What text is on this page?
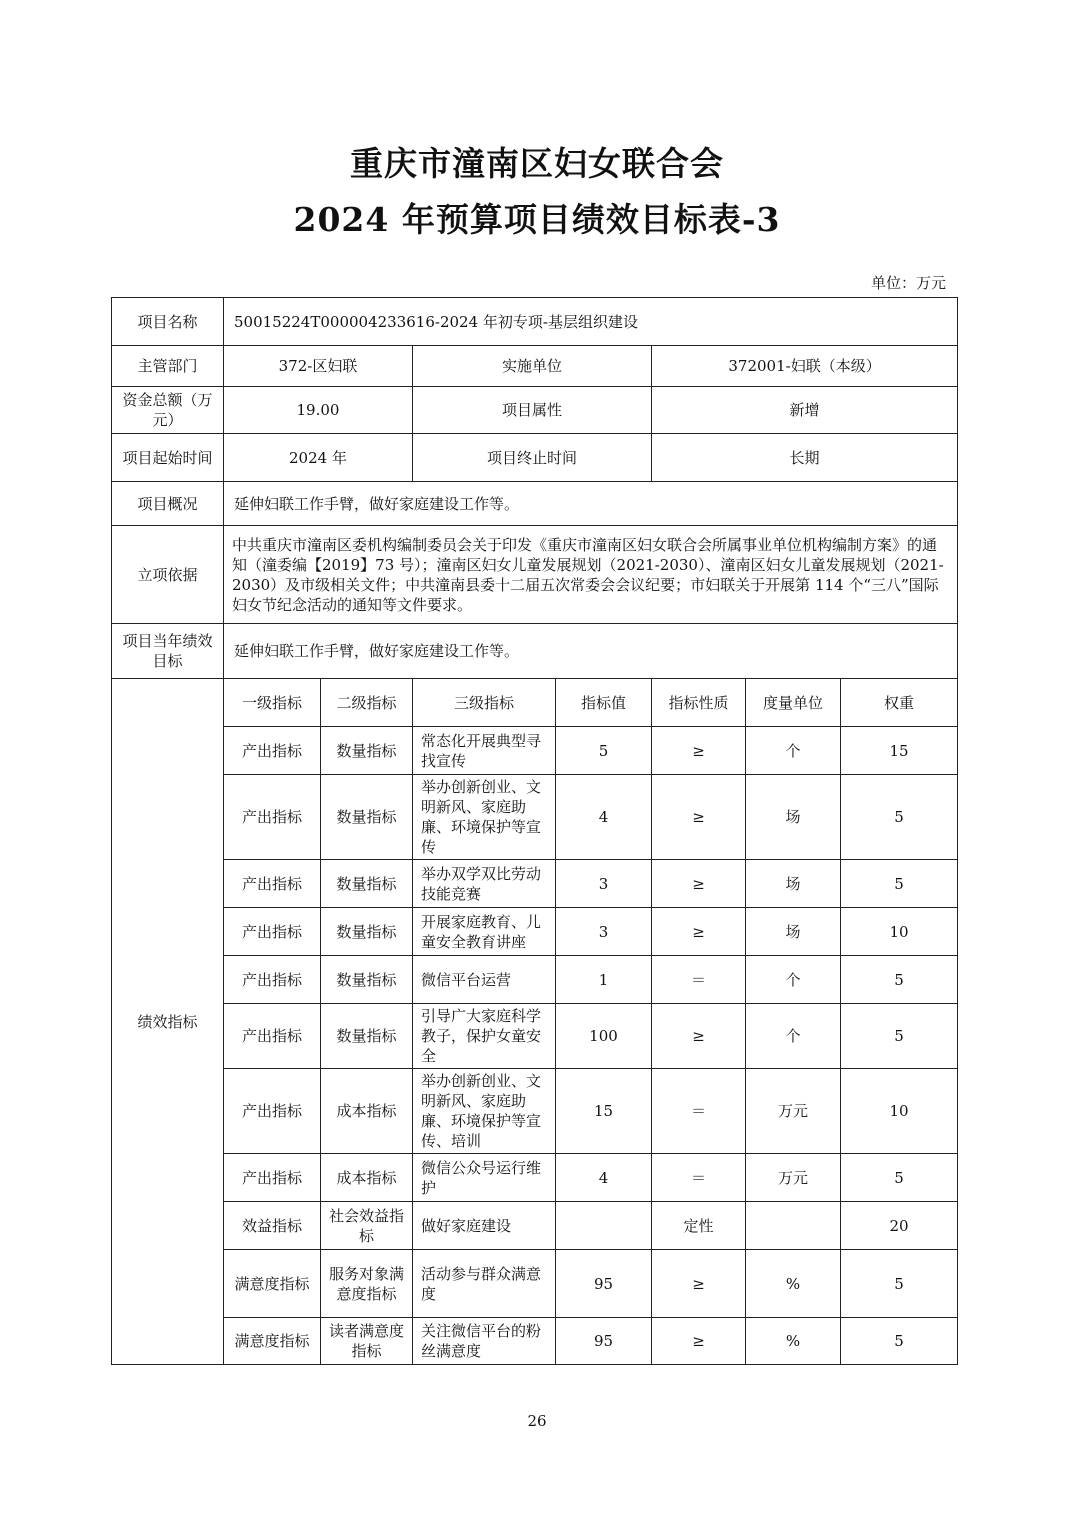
重庆市潼南区妇女联合会
2024 年预算项目绩效目标表-3
单位：万元
项目名称	50015224T000004233616-2024 年初专项-基层组织建设						
主管部门	372-区妇联		实施单位		372001-妇联（本级）		
资金总额（万元）	19.00		项目属性		新增		
项目起始时间	2024 年		项目终止时间		长期		
项目概况	延伸妇联工作手臂，做好家庭建设工作等。						
立项依据	中共重庆市潼南区委机构编制委员会关于印发《重庆市潼南区妇女联合会所属事业单位机构编制方案》的通知（潼委编【2019】73 号）；潼南区妇女儿童发展规划（2021-2030）、潼南区妇女儿童发展规划（2021-2030）及市级相关文件；中共潼南县委十二届五次常委会会议纪要；市妇联关于开展第 114 个“三八”国际妇女节纪念活动的通知等文件要求。						
项目当年绩效目标	延伸妇联工作手臂，做好家庭建设工作等。						
绩效指标	一级指标	二级指标	三级指标	指标值	指标性质	度量单位	权重
	产出指标	数量指标	常态化开展典型寻找宣传	5	≥	个	15
	产出指标	数量指标	举办创新创业、文明新风、家庭助廉、环境保护等宣传	4	≥	场	5
	产出指标	数量指标	举办双学双比劳动技能竞赛	3	≥	场	5
	产出指标	数量指标	开展家庭教育、儿童安全教育讲座	3	≥	场	10
	产出指标	数量指标	微信平台运营	1	＝	个	5
	产出指标	数量指标	引导广大家庭科学教子，保护女童安全	100	≥	个	5
	产出指标	成本指标	举办创新创业、文明新风、家庭助廉、环境保护等宣传、培训	15	＝	万元	10
	产出指标	成本指标	微信公众号运行维护	4	＝	万元	5
	效益指标	社会效益指标	做好家庭建设		定性		20
	满意度指标	服务对象满意度指标	活动参与群众满意度	95	≥	%	5
	满意度指标	读者满意度指标	关注微信平台的粉丝满意度	95	≥	%	5
26
